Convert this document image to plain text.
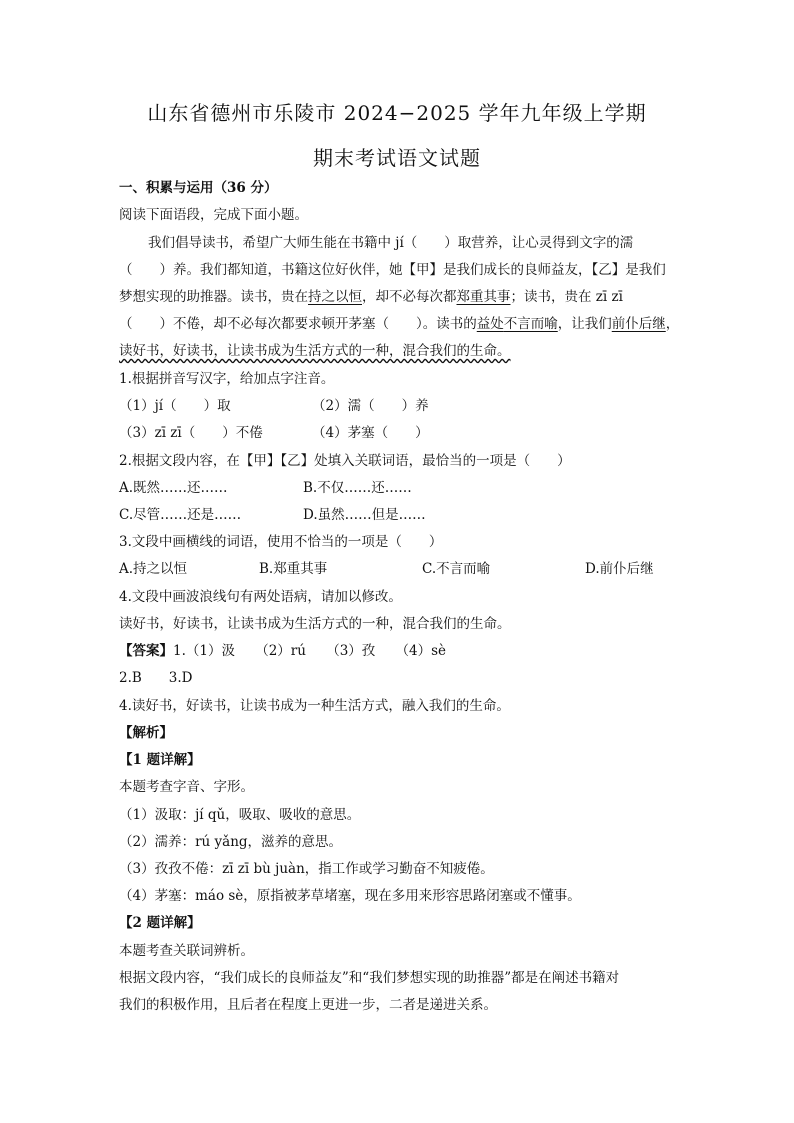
山东省德州市乐陵市 2024−2025 学年九年级上学期
期末考试语文试题
一、积累与运用（36 分）
阅读下面语段，完成下面小题。
我们倡导读书，希望广大师生能在书籍中 jí（　　）取营养，让心灵得到文字的濡
（　　）养。我们都知道，书籍这位好伙伴，她【甲】是我们成长的良师益友，【乙】是我们
梦想实现的助推器。读书，贵在持之以恒，却不必每次都郑重其事；读书，贵在 zī zī
（　　）不倦，却不必每次都要求顿开茅塞（　　）。读书的益处不言而喻，让我们前仆后继，
读好书，好读书，让读书成为生活方式的一种，混合我们的生命。
1.根据拼音写汉字，给加点字注音。
（1）jí（　　）取	（2）濡（　　）养
（3）zī zī（　　）不倦	（4）茅塞（　　）
2.根据文段内容，在【甲】【乙】处填入关联词语，最恰当的一项是（　　）
A.既然……还……	B.不仅……还……
C.尽管……还是……	D.虽然……但是……
3.文段中画横线的词语，使用不恰当的一项是（　　）
A.持之以恒	B.郑重其事	C.不言而喻	D.前仆后继
4.文段中画波浪线句有两处语病，请加以修改。
读好书，好读书，让读书成为生活方式的一种，混合我们的生命。
【答案】1.（1）汲　　（2）rú　　（3）孜　　（4）sè
2.B　　3.D
4.读好书，好读书，让读书成为一种生活方式，融入我们的生命。
【解析】
【1 题详解】
本题考查字音、字形。
（1）汲取：jí qǔ，吸取、吸收的意思。
（2）濡养：rú yǎng，滋养的意思。
（3）孜孜不倦：zī zī bù juàn，指工作或学习勤奋不知疲倦。
（4）茅塞：máo sè，原指被茅草堵塞，现在多用来形容思路闭塞或不懂事。
【2 题详解】
本题考查关联词辨析。
根据文段内容，“我们成长的良师益友”和“我们梦想实现的助推器”都是在阐述书籍对
我们的积极作用，且后者在程度上更进一步，二者是递进关系。
